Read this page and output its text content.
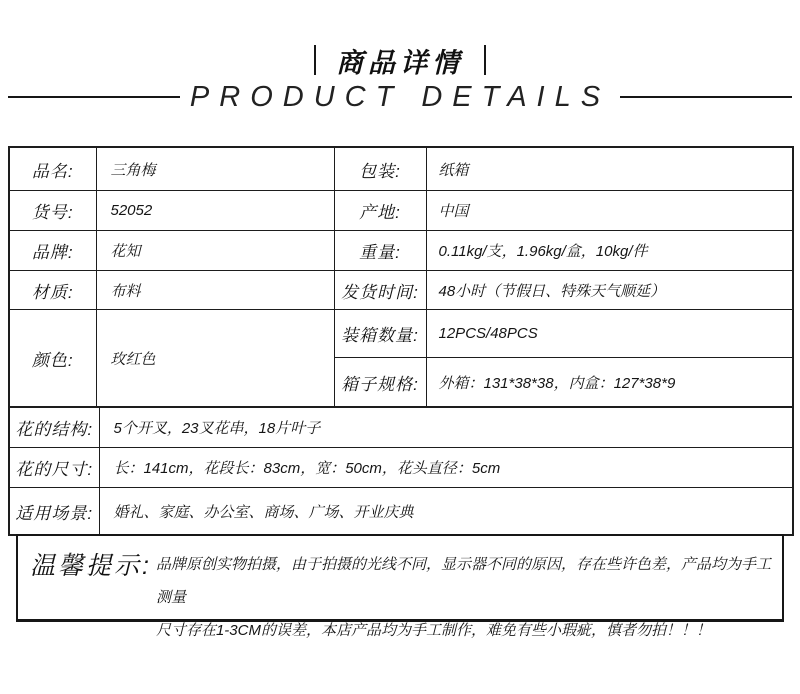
商品详情
PRODUCT DETAILS
品名:	三角梅	包装:	纸箱
货号:	52052	产地:	中国
品牌:	花知	重量:	0.11kg/支，1.96kg/盒，10kg/件
材质:	布料	发货时间:	48小时（节假日、特殊天气顺延）
颜色:	玫红色	装箱数量:	12PCS/48PCS
		箱子规格:	外箱：131*38*38，内盒：127*38*9
花的结构:	5个开叉，23叉花串，18片叶子
花的尺寸:	长：141cm，花段长：83cm，宽：50cm，花头直径：5cm
适用场景:	婚礼、家庭、办公室、商场、广场、开业庆典
温馨提示: 品牌原创实物拍摄，由于拍摄的光线不同，显示器不同的原因，存在些许色差，产品均为手工测量
尺寸存在1-3CM的误差，本店产品均为手工制作，难免有些小瑕疵，慎者勿拍！！！
